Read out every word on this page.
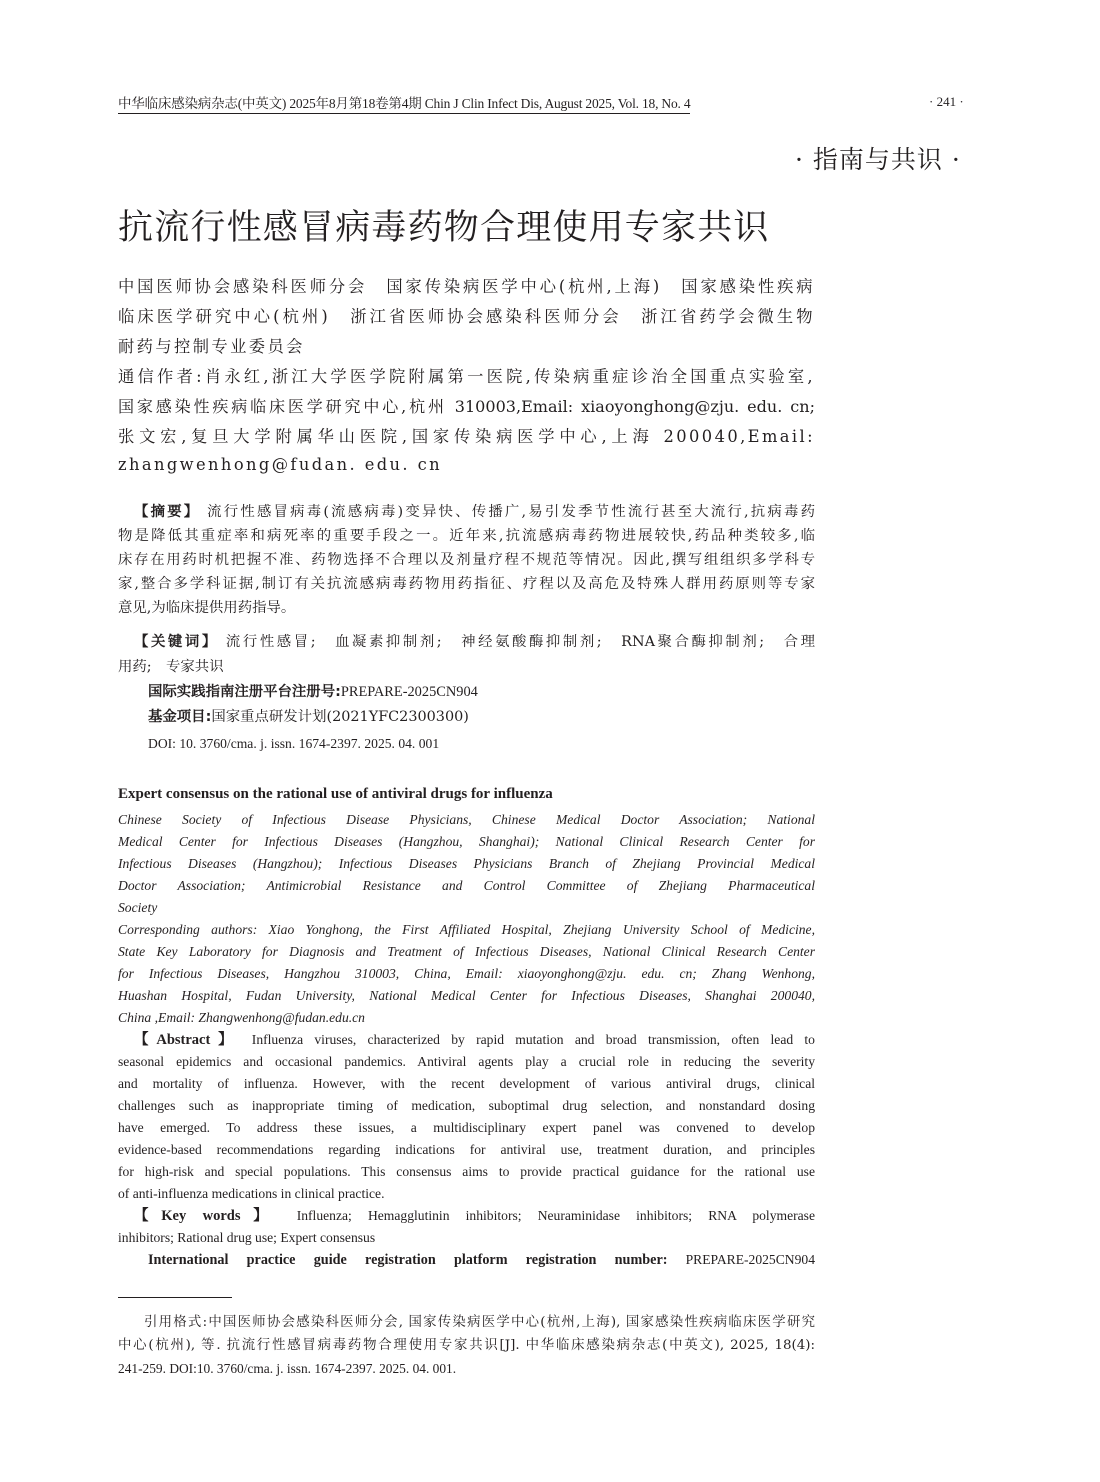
中华临床感染病杂志(中英文) 2025年8月第18卷第4期 Chin J Clin Infect Dis, August 2025, Vol. 18, No. 4	· 241 ·
· 指南与共识 ·
抗流行性感冒病毒药物合理使用专家共识
中国医师协会感染科医师分会　国家传染病医学中心(杭州,上海)　国家感染性疾病
临床医学研究中心(杭州)　浙江省医师协会感染科医师分会　浙江省药学会微生物
耐药与控制专业委员会
通信作者:肖永红,浙江大学医学院附属第一医院,传染病重症诊治全国重点实验室,
国家感染性疾病临床医学研究中心,杭州 310003,Email: xiaoyonghong@zju. edu. cn;
张文宏,复旦大学附属华山医院,国家传染病医学中心,上海 200040,Email:
zhangwenhong@fudan. edu. cn
【摘要】 流行性感冒病毒(流感病毒)变异快、传播广,易引发季节性流行甚至大流行,抗病毒药
物是降低其重症率和病死率的重要手段之一。近年来,抗流感病毒药物进展较快,药品种类较多,临
床存在用药时机把握不准、药物选择不合理以及剂量疗程不规范等情况。因此,撰写组组织多学科专
家,整合多学科证据,制订有关抗流感病毒药物用药指征、疗程以及高危及特殊人群用药原则等专家
意见,为临床提供用药指导。
【关键词】 流行性感冒;　血凝素抑制剂;　神经氨酸酶抑制剂;　RNA聚合酶抑制剂;　合理
用药;　专家共识
国际实践指南注册平台注册号:PREPARE-2025CN904
基金项目:国家重点研发计划(2021YFC2300300)
DOI: 10. 3760/cma. j. issn. 1674-2397. 2025. 04. 001
Expert consensus on the rational use of antiviral drugs for influenza
Chinese Society of Infectious Disease Physicians, Chinese Medical Doctor Association; National
Medical Center for Infectious Diseases (Hangzhou, Shanghai); National Clinical Research Center for
Infectious Diseases (Hangzhou); Infectious Diseases Physicians Branch of Zhejiang Provincial Medical
Doctor Association; Antimicrobial Resistance and Control Committee of Zhejiang Pharmaceutical
Society
Corresponding authors: Xiao Yonghong, the First Affiliated Hospital, Zhejiang University School of Medicine,
State Key Laboratory for Diagnosis and Treatment of Infectious Diseases, National Clinical Research Center
for Infectious Diseases, Hangzhou 310003, China, Email: xiaoyonghong@zju. edu. cn; Zhang Wenhong,
Huashan Hospital, Fudan University, National Medical Center for Infectious Diseases, Shanghai 200040,
China ,Email: Zhangwenhong@fudan.edu.cn
【Abstract】 Influenza viruses, characterized by rapid mutation and broad transmission, often lead to
seasonal epidemics and occasional pandemics. Antiviral agents play a crucial role in reducing the severity
and mortality of influenza. However, with the recent development of various antiviral drugs, clinical
challenges such as inappropriate timing of medication, suboptimal drug selection, and nonstandard dosing
have emerged. To address these issues, a multidisciplinary expert panel was convened to develop
evidence-based recommendations regarding indications for antiviral use, treatment duration, and principles
for high-risk and special populations. This consensus aims to provide practical guidance for the rational use
of anti-influenza medications in clinical practice.
【Key words】 Influenza; Hemagglutinin inhibitors; Neuraminidase inhibitors; RNA polymerase
inhibitors; Rational drug use; Expert consensus
International practice guide registration platform registration number: PREPARE-2025CN904
引用格式:中国医师协会感染科医师分会, 国家传染病医学中心(杭州,上海), 国家感染性疾病临床医学研究
中心(杭州), 等. 抗流行性感冒病毒药物合理使用专家共识[J]. 中华临床感染病杂志(中英文), 2025, 18(4):
241-259. DOI:10. 3760/cma. j. issn. 1674-2397. 2025. 04. 001.
